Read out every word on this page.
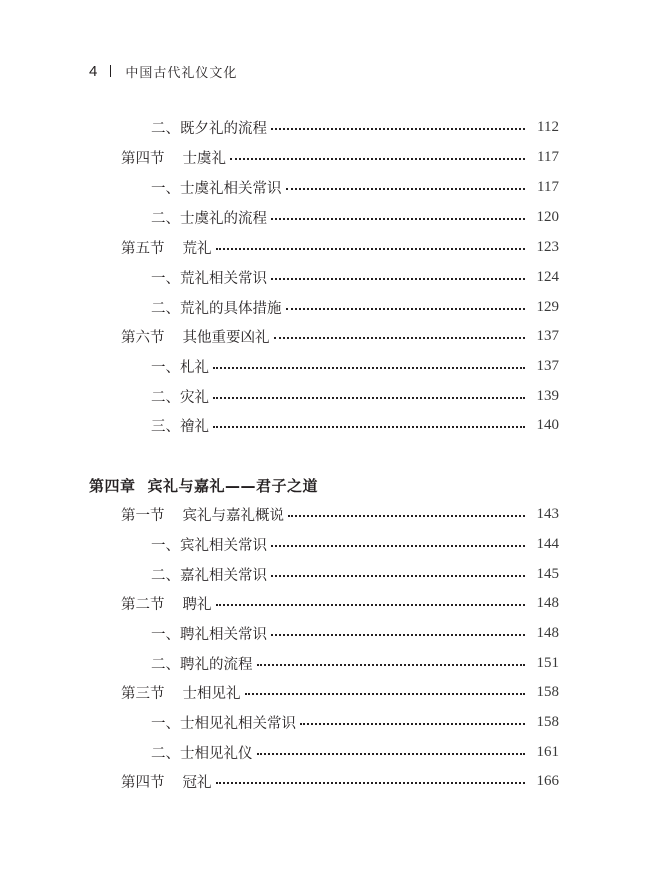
4 中国古代礼仪文化
二、既夕礼的流程	112
第四节 士虞礼	117
一、士虞礼相关常识	117
二、士虞礼的流程	120
第五节 荒礼	123
一、荒礼相关常识	124
二、荒礼的具体措施	129
第六节 其他重要凶礼	137
一、札礼	137
二、灾礼	139
三、禬礼	140
第四章 宾礼与嘉礼——君子之道
第一节 宾礼与嘉礼概说	143
一、宾礼相关常识	144
二、嘉礼相关常识	145
第二节 聘礼	148
一、聘礼相关常识	148
二、聘礼的流程	151
第三节 士相见礼	158
一、士相见礼相关常识	158
二、士相见礼仪	161
第四节 冠礼	166
